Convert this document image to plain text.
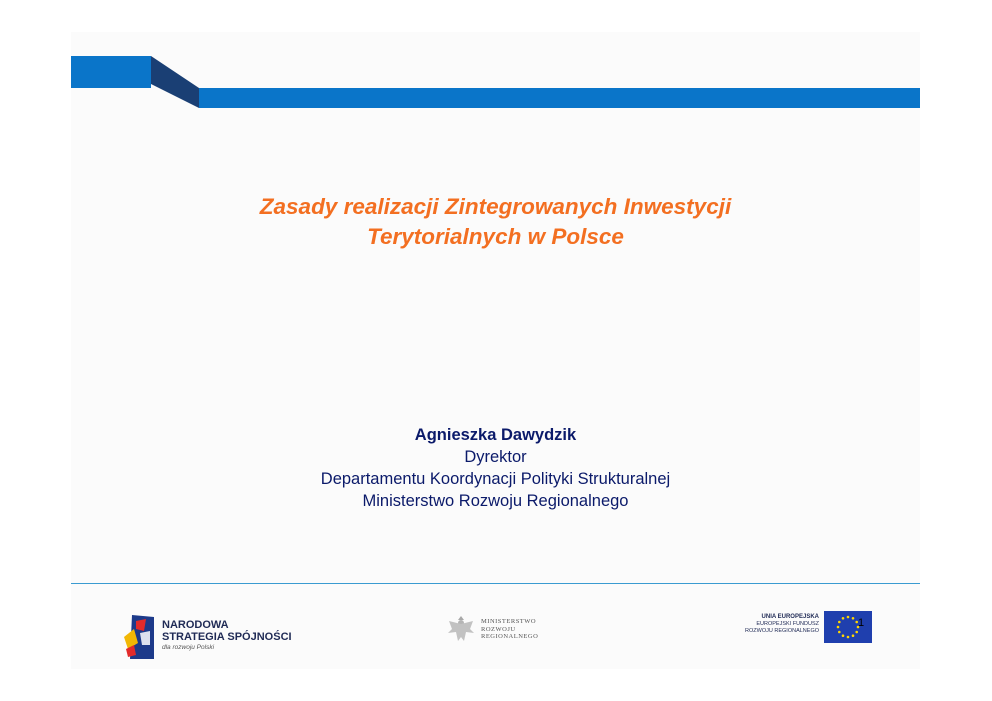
Zasady realizacji Zintegrowanych Inwestycji
Terytorialnych w Polsce
Agnieszka Dawydzik
Dyrektor
Departamentu Koordynacji Polityki Strukturalnej
Ministerstwo Rozwoju Regionalnego
NARODOWA
STRATEGIA SPÓJNOŚCI
dla rozwoju Polski
MINISTERSTWO
ROZWOJU
REGIONALNEGO
UNIA EUROPEJSKA
EUROPEJSKI FUNDUSZ
ROZWOJU REGIONALNEGO
1
